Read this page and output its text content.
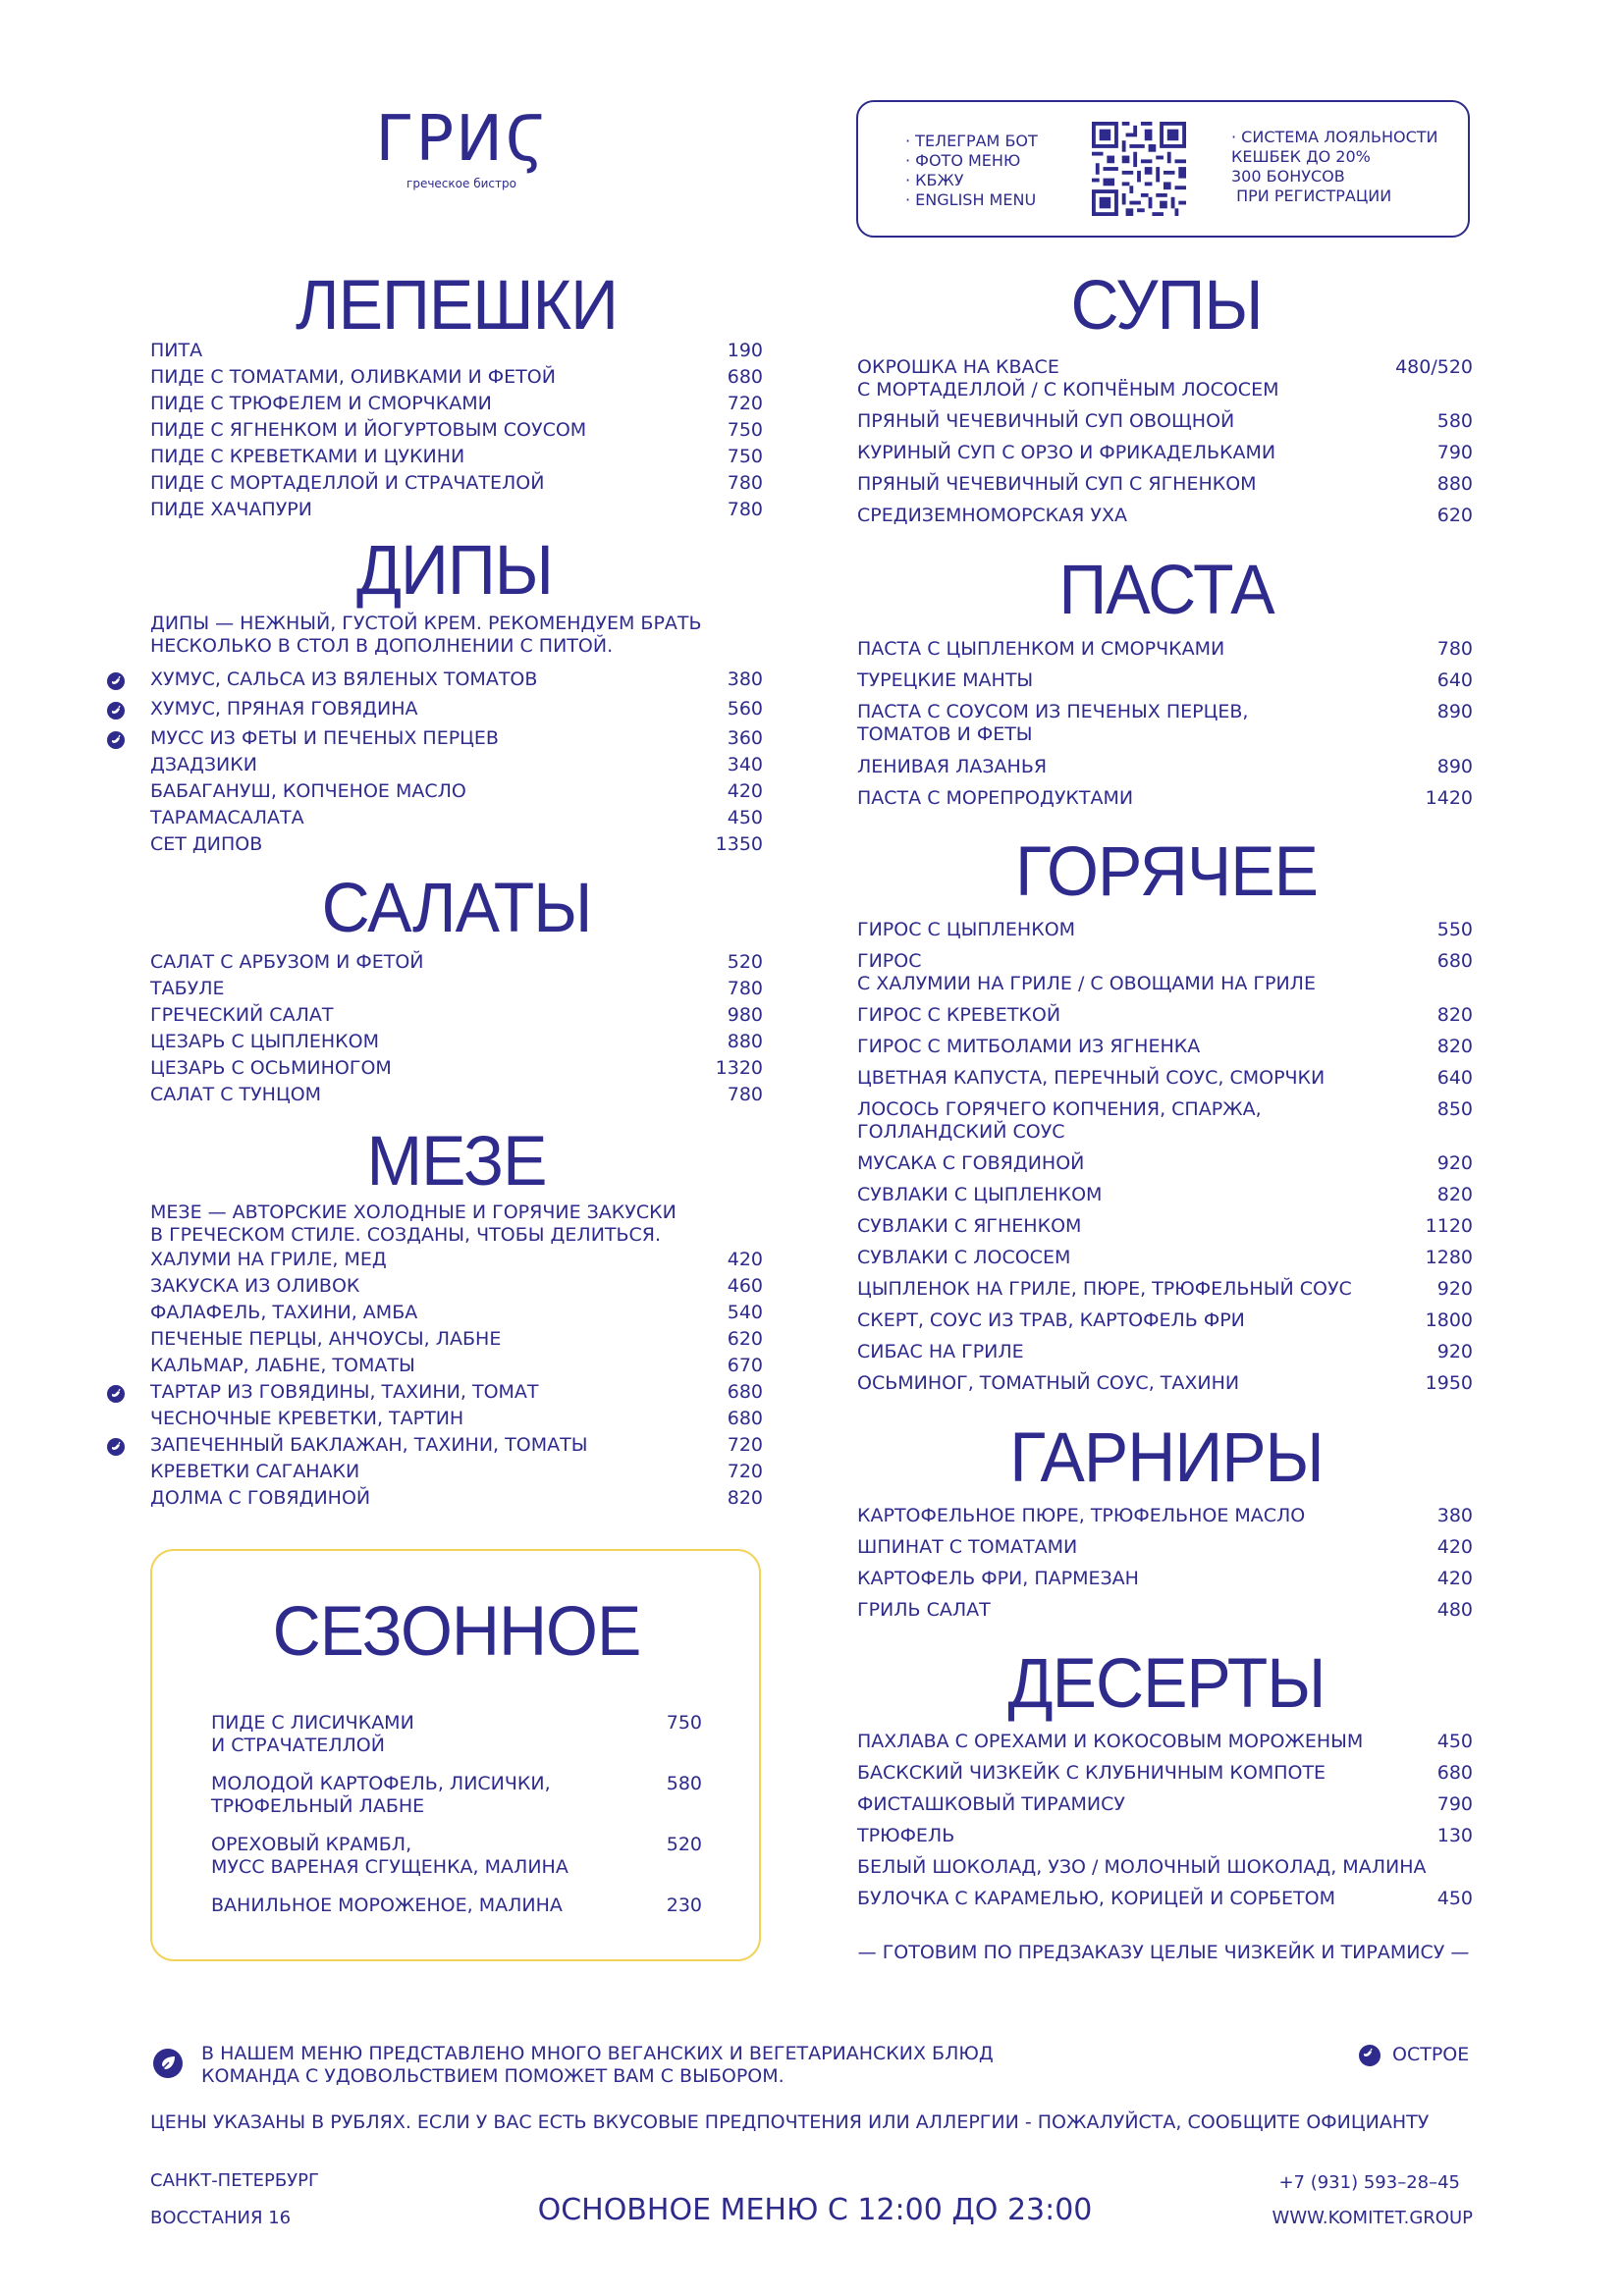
ГРИϚ
греческое бистро
· ТЕЛЕГРАМ БОТ
· ФОТО МЕНЮ
· КБЖУ
· ENGLISH MENU
· СИСТЕМА ЛОЯЛЬНОСТИ
КЕШБЕК ДО 20%
300 БОНУСОВ
ПРИ РЕГИСТРАЦИИ
ЛЕПЕШКИ
ПИТА	190
ПИДЕ С ТОМАТАМИ, ОЛИВКАМИ И ФЕТОЙ	680
ПИДЕ С ТРЮФЕЛЕМ И СМОРЧКАМИ	720
ПИДЕ С ЯГНЕНКОМ И ЙОГУРТОВЫМ СОУСОМ	750
ПИДЕ С КРЕВЕТКАМИ И ЦУКИНИ	750
ПИДЕ С МОРТАДЕЛЛОЙ И СТРАЧАТЕЛОЙ	780
ПИДЕ ХАЧАПУРИ	780
ДИПЫ
ДИПЫ — НЕЖНЫЙ, ГУСТОЙ КРЕМ. РЕКОМЕНДУЕМ БРАТЬ
НЕСКОЛЬКО В СТОЛ В ДОПОЛНЕНИИ С ПИТОЙ.
ХУМУС, САЛЬСА ИЗ ВЯЛЕНЫХ ТОМАТОВ	380
ХУМУС, ПРЯНАЯ ГОВЯДИНА	560
МУСС ИЗ ФЕТЫ И ПЕЧЕНЫХ ПЕРЦЕВ	360
ДЗАДЗИКИ	340
БАБАГАНУШ, КОПЧЕНОЕ МАСЛО	420
ТАРАМАСАЛАТА	450
СЕТ ДИПОВ	1350
САЛАТЫ
САЛАТ С АРБУЗОМ И ФЕТОЙ	520
ТАБУЛЕ	780
ГРЕЧЕСКИЙ САЛАТ	980
ЦЕЗАРЬ С ЦЫПЛЕНКОМ	880
ЦЕЗАРЬ С ОСЬМИНОГОМ	1320
САЛАТ С ТУНЦОМ	780
МЕЗЕ
МЕЗЕ — АВТОРСКИЕ ХОЛОДНЫЕ И ГОРЯЧИЕ ЗАКУСКИ
В ГРЕЧЕСКОМ СТИЛЕ. СОЗДАНЫ, ЧТОБЫ ДЕЛИТЬСЯ.
ХАЛУМИ НА ГРИЛЕ, МЕД	420
ЗАКУСКА ИЗ ОЛИВОК	460
ФАЛАФЕЛЬ, ТАХИНИ, АМБА	540
ПЕЧЕНЫЕ ПЕРЦЫ, АНЧОУСЫ, ЛАБНЕ	620
КАЛЬМАР, ЛАБНЕ, ТОМАТЫ	670
ТАРТАР ИЗ ГОВЯДИНЫ, ТАХИНИ, ТОМАТ	680
ЧЕСНОЧНЫЕ КРЕВЕТКИ, ТАРТИН	680
ЗАПЕЧЕННЫЙ БАКЛАЖАН, ТАХИНИ, ТОМАТЫ	720
КРЕВЕТКИ САГАНАКИ	720
ДОЛМА С ГОВЯДИНОЙ	820
СЕЗОННОЕ
ПИДЕ С ЛИСИЧКАМИ
И СТРАЧАТЕЛЛОЙ
750
МОЛОДОЙ КАРТОФЕЛЬ, ЛИСИЧКИ,
ТРЮФЕЛЬНЫЙ ЛАБНЕ
580
ОРЕХОВЫЙ КРАМБЛ,
МУСС ВАРЕНАЯ СГУЩЕНКА, МАЛИНА
520
ВАНИЛЬНОЕ МОРОЖЕНОЕ, МАЛИНА	230
СУПЫ
ОКРОШКА НА КВАСЕ
С МОРТАДЕЛЛОЙ / С КОПЧЁНЫМ ЛОСОСЕМ
480/520
ПРЯНЫЙ ЧЕЧЕВИЧНЫЙ СУП ОВОЩНОЙ	580
КУРИНЫЙ СУП С ОРЗО И ФРИКАДЕЛЬКАМИ	790
ПРЯНЫЙ ЧЕЧЕВИЧНЫЙ СУП С ЯГНЕНКОМ	880
СРЕДИЗЕМНОМОРСКАЯ УХА	620
ПАСТА
ПАСТА С ЦЫПЛЕНКОМ И СМОРЧКАМИ	780
ТУРЕЦКИЕ МАНТЫ	640
ПАСТА С СОУСОМ ИЗ ПЕЧЕНЫХ ПЕРЦЕВ,
ТОМАТОВ И ФЕТЫ
890
ЛЕНИВАЯ ЛАЗАНЬЯ	890
ПАСТА С МОРЕПРОДУКТАМИ	1420
ГОРЯЧЕЕ
ГИРОС С ЦЫПЛЕНКОМ	550
ГИРОС
С ХАЛУМИИ НА ГРИЛЕ / С ОВОЩАМИ НА ГРИЛЕ
680
ГИРОС С КРЕВЕТКОЙ	820
ГИРОС С МИТБОЛАМИ ИЗ ЯГНЕНКА	820
ЦВЕТНАЯ КАПУСТА, ПЕРЕЧНЫЙ СОУС, СМОРЧКИ	640
ЛОСОСЬ ГОРЯЧЕГО КОПЧЕНИЯ, СПАРЖА,
ГОЛЛАНДСКИЙ СОУС
850
МУСАКА С ГОВЯДИНОЙ	920
СУВЛАКИ С ЦЫПЛЕНКОМ	820
СУВЛАКИ С ЯГНЕНКОМ	1120
СУВЛАКИ С ЛОСОСЕМ	1280
ЦЫПЛЕНОК НА ГРИЛЕ, ПЮРЕ, ТРЮФЕЛЬНЫЙ СОУС	920
СКЕРТ, СОУС ИЗ ТРАВ, КАРТОФЕЛЬ ФРИ	1800
СИБАС НА ГРИЛЕ	920
ОСЬМИНОГ, ТОМАТНЫЙ СОУС, ТАХИНИ	1950
ГАРНИРЫ
КАРТОФЕЛЬНОЕ ПЮРЕ, ТРЮФЕЛЬНОЕ МАСЛО	380
ШПИНАТ С ТОМАТАМИ	420
КАРТОФЕЛЬ ФРИ, ПАРМЕЗАН	420
ГРИЛЬ САЛАТ	480
ДЕСЕРТЫ
ПАХЛАВА С ОРЕХАМИ И КОКОСОВЫМ МОРОЖЕНЫМ	450
БАСКСКИЙ ЧИЗКЕЙК С КЛУБНИЧНЫМ КОМПОТЕ	680
ФИСТАШКОВЫЙ ТИРАМИСУ	790
ТРЮФЕЛЬ	130
БЕЛЫЙ ШОКОЛАД, УЗО / МОЛОЧНЫЙ ШОКОЛАД, МАЛИНА
БУЛОЧКА С КАРАМЕЛЬЮ, КОРИЦЕЙ И СОРБЕТОМ	450
— ГОТОВИМ ПО ПРЕДЗАКАЗУ ЦЕЛЫЕ ЧИЗКЕЙК И ТИРАМИСУ —
В НАШЕМ МЕНЮ ПРЕДСТАВЛЕНО МНОГО ВЕГАНСКИХ И ВЕГЕТАРИАНСКИХ БЛЮД
КОМАНДА С УДОВОЛЬСТВИЕМ ПОМОЖЕТ ВАМ С ВЫБОРОМ.
ОСТРОЕ
ЦЕНЫ УКАЗАНЫ В РУБЛЯХ. ЕСЛИ У ВАС ЕСТЬ ВКУСОВЫЕ ПРЕДПОЧТЕНИЯ ИЛИ АЛЛЕРГИИ - ПОЖАЛУЙСТА, СООБЩИТЕ ОФИЦИАНТУ
САНКТ-ПЕТЕРБУРГ
ВОССТАНИЯ 16	ОСНОВНОЕ МЕНЮ С 12:00 ДО 23:00
+7 (931) 593–28–45
WWW.KOMITET.GROUP
